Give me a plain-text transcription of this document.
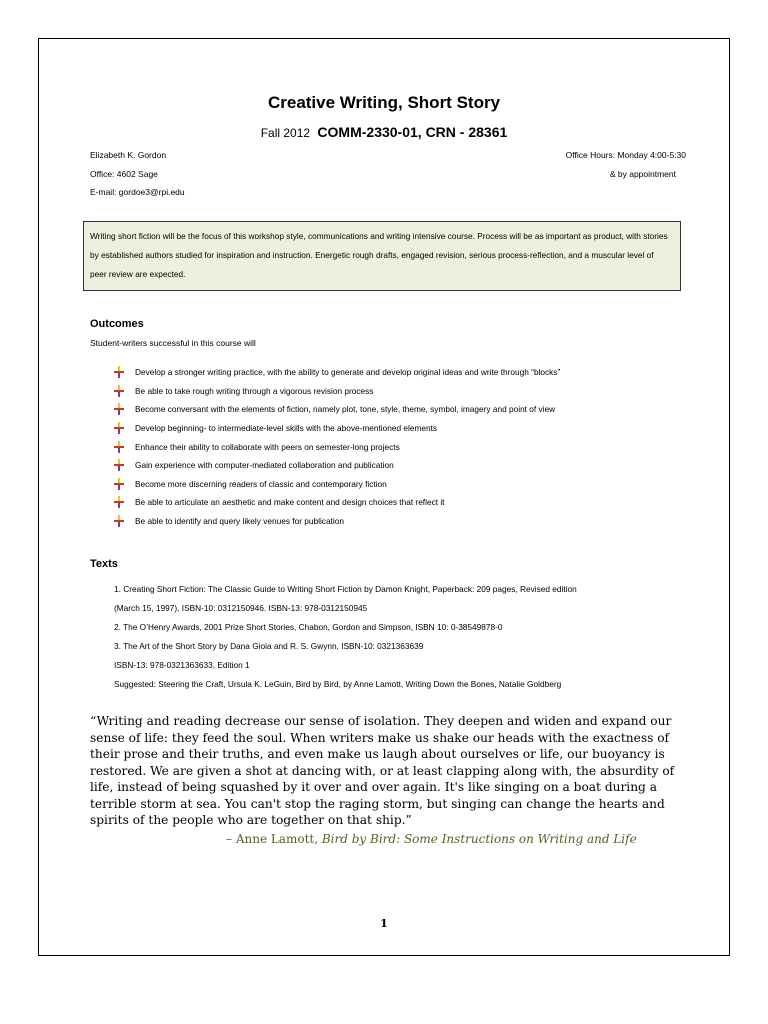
Creative Writing, Short Story
Fall 2012 COMM-2330-01, CRN - 28361
Elizabeth K. Gordon
Office: 4602 Sage
E-mail: gordoe3@rpi.edu
Office Hours: Monday 4:00-5:30
& by appointment
Writing short fiction will be the focus of this workshop style, communications and writing intensive course. Process will be as important as product, with stories by established authors studied for inspiration and instruction. Energetic rough drafts, engaged revision, serious process-reflection, and a muscular level of peer review are expected.
Outcomes
Student-writers successful in this course will
Develop a stronger writing practice, with the ability to generate and develop original ideas and write through “blocks”
Be able to take rough writing through a vigorous revision process
Become conversant with the elements of fiction, namely plot, tone, style, theme, symbol, imagery and point of view
Develop beginning- to intermediate-level skills with the above-mentioned elements
Enhance their ability to collaborate with peers on semester-long projects
Gain experience with computer-mediated collaboration and publication
Become more discerning readers of classic and contemporary fiction
Be able to articulate an aesthetic and make content and design choices that reflect it
Be able to identify and query likely venues for publication
Texts
1. Creating Short Fiction: The Classic Guide to Writing Short Fiction by Damon Knight, Paperback: 209 pages, Revised edition
(March 15, 1997), ISBN-10: 0312150946. ISBN-13: 978-0312150945
2. The O’Henry Awards, 2001 Prize Short Stories, Chabon, Gordon and Simpson, ISBN 10: 0-38549878-0
3. The Art of the Short Story by Dana Gioia and R. S. Gwynn, ISBN-10: 0321363639
ISBN-13: 978-0321363633, Edition 1
Suggested: Steering the Craft, Ursula K. LeGuin, Bird by Bird, by Anne Lamott, Writing Down the Bones, Natalie Goldberg
“Writing and reading decrease our sense of isolation. They deepen and widen and expand our sense of life: they feed the soul. When writers make us shake our heads with the exactness of their prose and their truths, and even make us laugh about ourselves or life, our buoyancy is restored. We are given a shot at dancing with, or at least clapping along with, the absurdity of life, instead of being squashed by it over and over again. It's like singing on a boat during a terrible storm at sea. You can't stop the raging storm, but singing can change the hearts and spirits of the people who are together on that ship.”
– Anne Lamott, Bird by Bird: Some Instructions on Writing and Life
1
